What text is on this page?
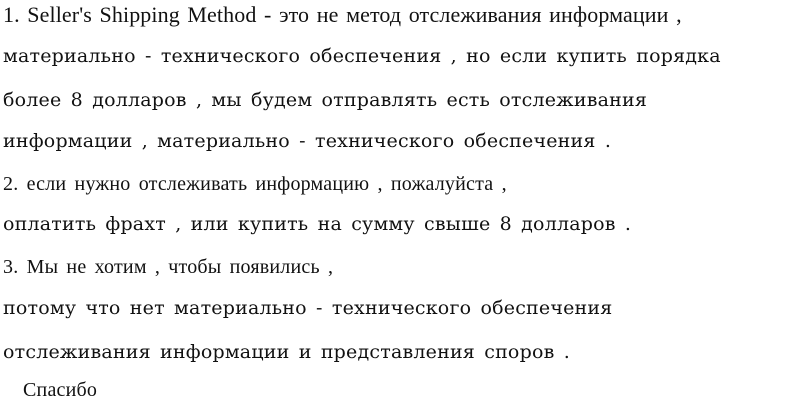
1. Seller's Shipping Method - это не метод отслеживания информации ,
материально - технического обеспечения , но если купить порядка
более 8 долларов , мы будем отправлять есть отслеживания
информации , материально - технического обеспечения .
2. если нужно отслеживать информацию , пожалуйста ,
оплатить фрахт , или купить на сумму свыше 8 долларов .
3. Мы не хотим , чтобы появились ,
потому что нет материально - технического обеспечения
отслеживания информации и представления споров .
Спасибо
